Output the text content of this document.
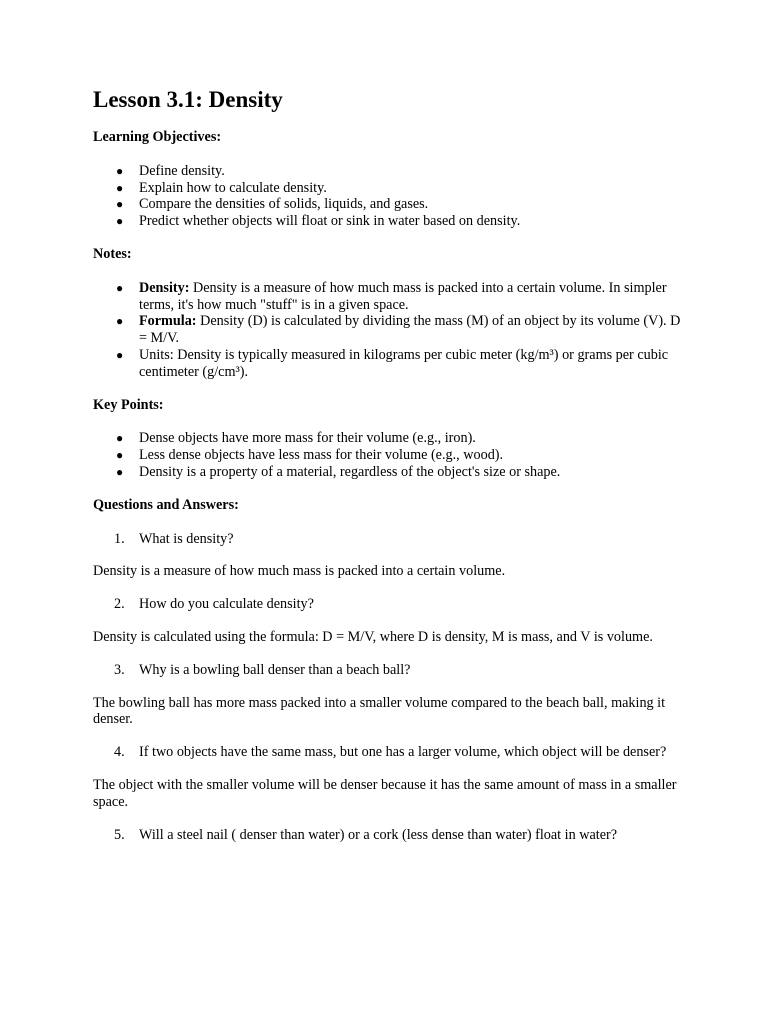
Lesson 3.1: Density
Learning Objectives:
● Define density.
● Explain how to calculate density.
● Compare the densities of solids, liquids, and gases.
● Predict whether objects will float or sink in water based on density.
Notes:
● Density: Density is a measure of how much mass is packed into a certain volume. In simpler terms, it's how much "stuff" is in a given space.
● Formula: Density (D) is calculated by dividing the mass (M) of an object by its volume (V). D = M/V.
● Units: Density is typically measured in kilograms per cubic meter (kg/m³) or grams per cubic centimeter (g/cm³).
Key Points:
● Dense objects have more mass for their volume (e.g., iron).
● Less dense objects have less mass for their volume (e.g., wood).
● Density is a property of a material, regardless of the object's size or shape.
Questions and Answers:
1. What is density?

Density is a measure of how much mass is packed into a certain volume.

2. How do you calculate density?

Density is calculated using the formula: D = M/V, where D is density, M is mass, and V is volume.

3. Why is a bowling ball denser than a beach ball?

The bowling ball has more mass packed into a smaller volume compared to the beach ball, making it denser.

4. If two objects have the same mass, but one has a larger volume, which object will be denser?

The object with the smaller volume will be denser because it has the same amount of mass in a smaller space.

5. Will a steel nail ( denser than water) or a cork (less dense than water) float in water?
